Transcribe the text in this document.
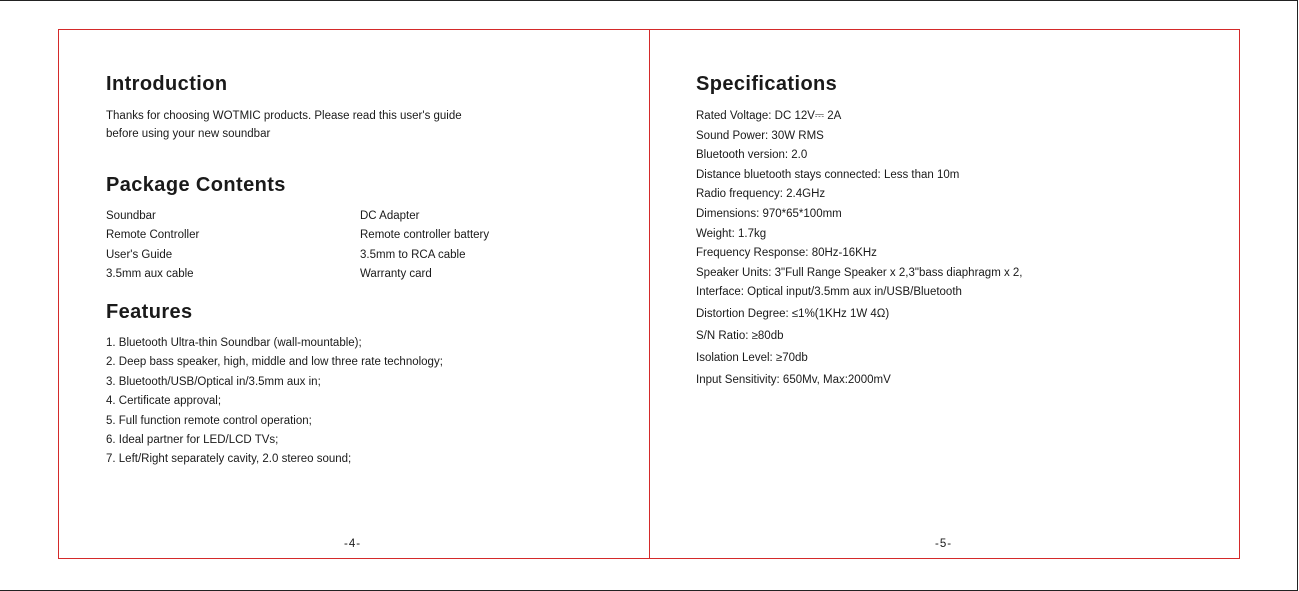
Introduction

Thanks for choosing WOTMIC products. Please read this user's guide

before using your new soundbar

Package Contents
Soundbar
Remote Controller
User's Guide
3.5mm aux cable
DC Adapter
Remote controller battery
3.5mm to RCA cable
Warranty card
Features
1. Bluetooth Ultra-thin Soundbar (wall-mountable);
2. Deep bass speaker, high, middle and low three rate technology;
3. Bluetooth/USB/Optical in/3.5mm aux in;
4. Certificate approval;
5. Full function remote control operation;
6. Ideal partner for LED/LCD TVs;
7. Left/Right separately cavity, 2.0 stereo sound;
-4-
Specifications
Rated Voltage: DC 12V⎓ 2A
Sound Power: 30W RMS
Bluetooth version: 2.0
Distance bluetooth stays connected: Less than 10m
Radio frequency: 2.4GHz
Dimensions: 970*65*100mm
Weight: 1.7kg
Frequency Response: 80Hz-16KHz
Speaker Units: 3"Full Range Speaker x 2,3"bass diaphragm x 2,
Interface: Optical input/3.5mm aux in/USB/Bluetooth
Distortion Degree: ≤1%(1KHz 1W 4Ω)
S/N Ratio: ≥80db
Isolation Level: ≥70db
Input Sensitivity: 650Mv, Max:2000mV
-5-
